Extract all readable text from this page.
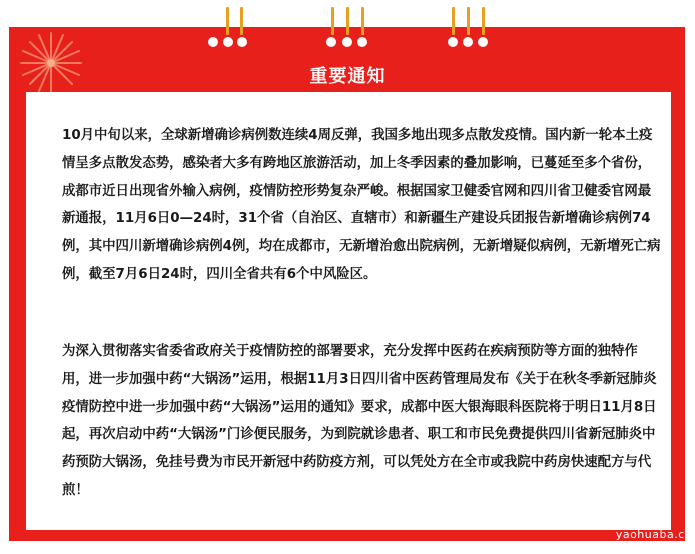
重要通知

10月中旬以来，全球新增确诊病例数连续4周反弹，我国多地出现多点散发疫情。国内新一轮本土疫情呈多点散发态势，感染者大多有跨地区旅游活动，加上冬季因素的叠加影响，已蔓延至多个省份，成都市近日出现省外输入病例，疫情防控形势复杂严峻。根据国家卫健委官网和四川省卫健委官网最新通报，11月6日0—24时，31个省（自治区、直辖市）和新疆生产建设兵团报告新增确诊病例74例，其中四川新增确诊病例4例，均在成都市，无新增治愈出院病例，无新增疑似病例，无新增死亡病例，截至7月6日24时，四川全省共有6个中风险区。

为深入贯彻落实省委省政府关于疫情防控的部署要求，充分发挥中医药在疾病预防等方面的独特作用，进一步加强中药“大锅汤”运用，根据11月3日四川省中医药管理局发布《关于在秋冬季新冠肺炎疫情防控中进一步加强中药“大锅汤”运用的通知》要求，成都中医大银海眼科医院将于明日11月8日起，再次启动中药“大锅汤”门诊便民服务，为到院就诊患者、职工和市民免费提供四川省新冠肺炎中药预防大锅汤，免挂号费为市民开新冠中药防疫方剂，可以凭处方在全市或我院中药房快速配方与代煎！

yaohuaba.co
